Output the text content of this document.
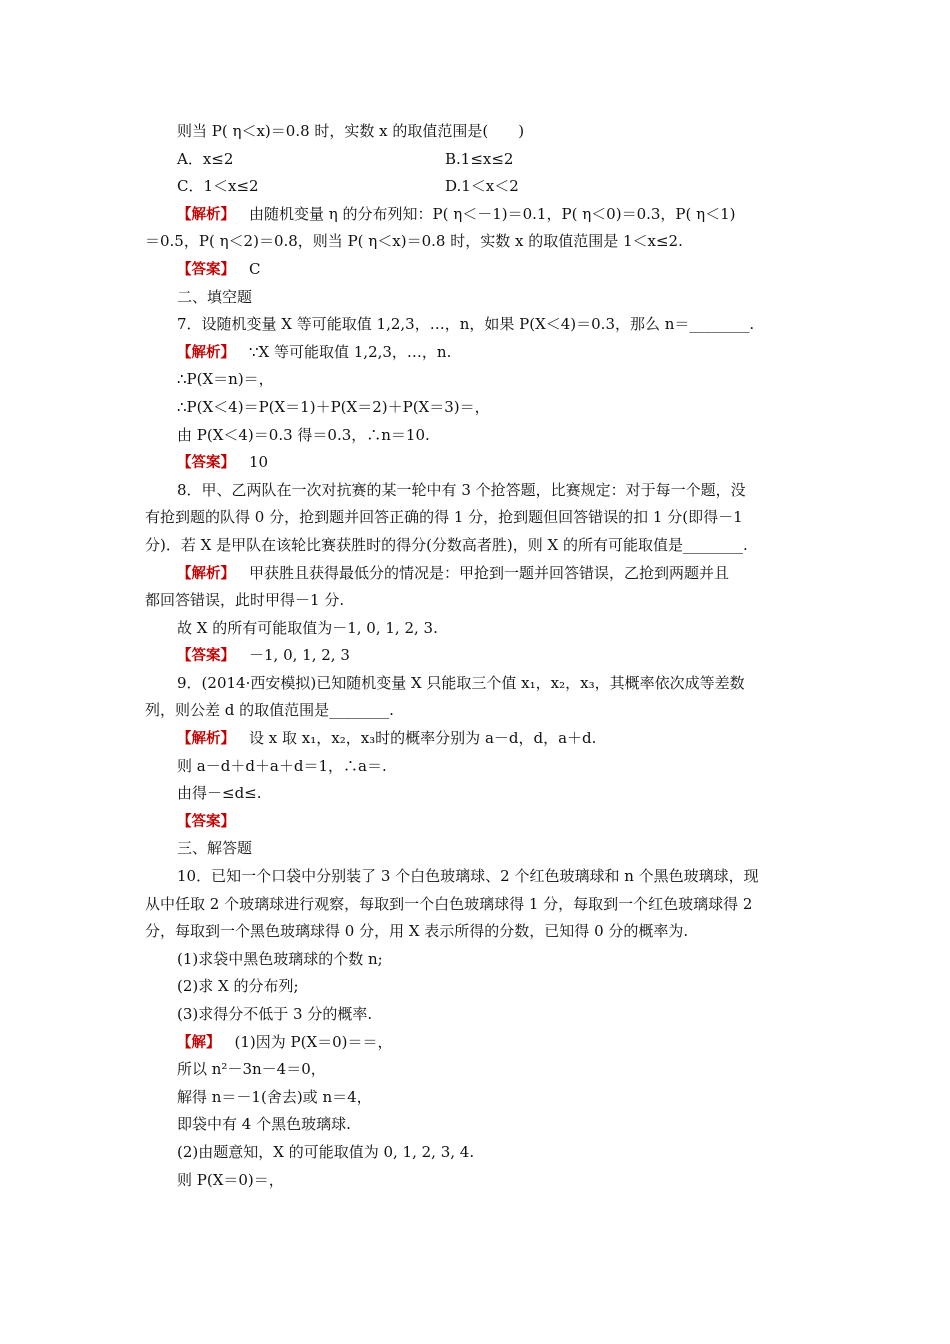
则当 P( η＜x)＝0.8 时，实数 x 的取值范围是(　　)
A．x≤2	B.1≤x≤2
C．1＜x≤2	D.1＜x＜2
【解析】 由随机变量 η 的分布列知：P( η＜－1)＝0.1，P( η＜0)＝0.3，P( η＜1)
＝0.5，P( η＜2)＝0.8，则当 P( η＜x)＝0.8 时，实数 x 的取值范围是 1＜x≤2.
【答案】 C
二、填空题
7．设随机变量 X 等可能取值 1,2,3，…，n，如果 P(X＜4)＝0.3，那么 n＝________.
【解析】 ∵X 等可能取值 1,2,3，…，n.
∴P(X＝n)＝，
∴P(X＜4)＝P(X＝1)＋P(X＝2)＋P(X＝3)＝，
由 P(X＜4)＝0.3 得＝0.3，∴n＝10.
【答案】 10
8．甲、乙两队在一次对抗赛的某一轮中有 3 个抢答题，比赛规定：对于每一个题，没
有抢到题的队得 0 分，抢到题并回答正确的得 1 分，抢到题但回答错误的扣 1 分(即得－1
分)．若 X 是甲队在该轮比赛获胜时的得分(分数高者胜)，则 X 的所有可能取值是________.
【解析】 甲获胜且获得最低分的情况是：甲抢到一题并回答错误，乙抢到两题并且
都回答错误，此时甲得－1 分.
故 X 的所有可能取值为－1, 0, 1, 2, 3.
【答案】 －1, 0, 1, 2, 3
9．(2014·西安模拟)已知随机变量 X 只能取三个值 x₁，x₂，x₃，其概率依次成等差数
列，则公差 d 的取值范围是________.
【解析】 设 x 取 x₁，x₂，x₃时的概率分别为 a－d，d，a＋d.
则 a－d＋d＋a＋d＝1，∴a＝.
由得－≤d≤.
【答案】
三、解答题
10．已知一个口袋中分别装了 3 个白色玻璃球、2 个红色玻璃球和 n 个黑色玻璃球，现
从中任取 2 个玻璃球进行观察，每取到一个白色玻璃球得 1 分，每取到一个红色玻璃球得 2
分，每取到一个黑色玻璃球得 0 分，用 X 表示所得的分数，已知得 0 分的概率为.
(1)求袋中黑色玻璃球的个数 n;
(2)求 X 的分布列;
(3)求得分不低于 3 分的概率.
【解】 (1)因为 P(X＝0)＝＝，
所以 n²－3n－4＝0，
解得 n＝－1(舍去)或 n＝4，
即袋中有 4 个黑色玻璃球.
(2)由题意知，X 的可能取值为 0, 1, 2, 3, 4.
则 P(X＝0)＝，
